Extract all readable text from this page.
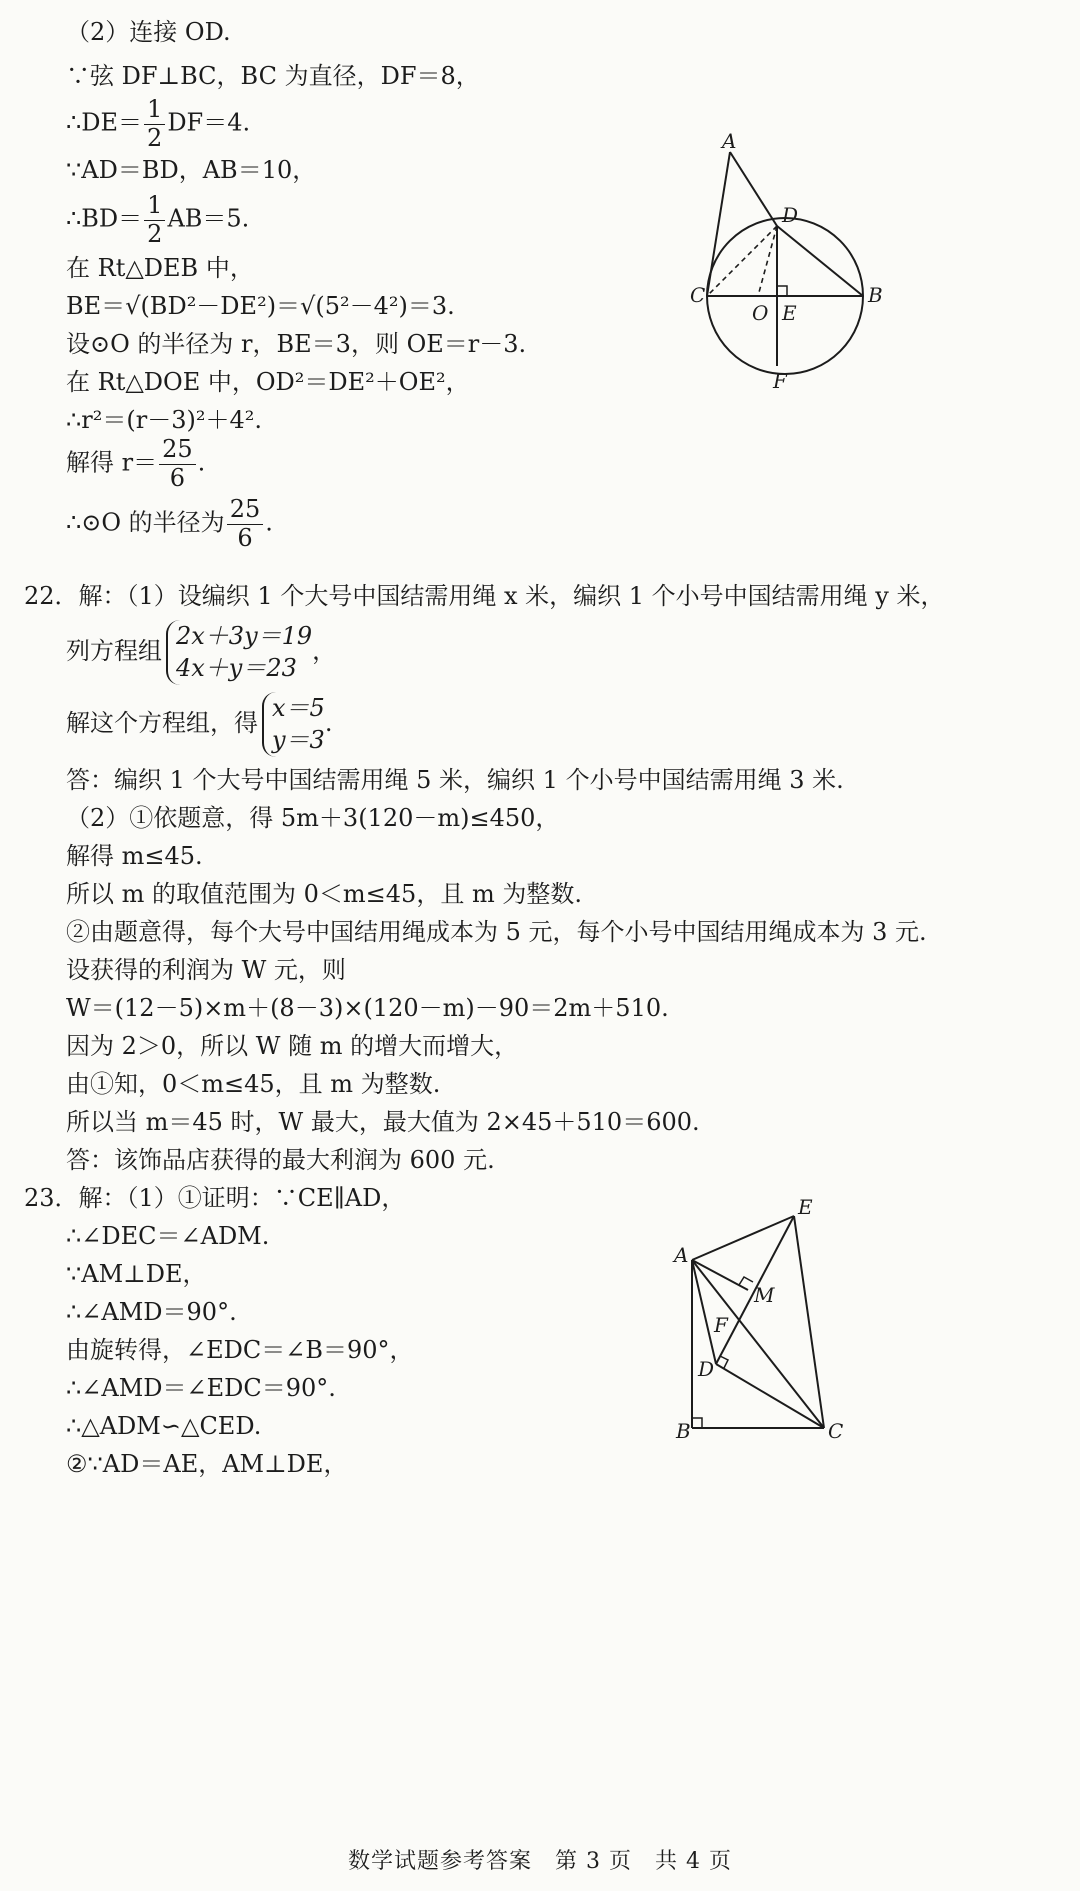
（2）连接 OD.
∵弦 DF⊥BC，BC 为直径，DF＝8，
∴DE＝ $\frac{1}{2} DF=4$.
∵AD＝BD，AB＝10，
∴BD＝ $\frac{1}{2} AB=5$.
在 Rt△DEB 中，
BE＝√(BD²－DE²)＝√(5²－4²)＝3.
设⊙O 的半径为 r，BE＝3，则 OE＝r－3.
在 Rt△DOE 中，OD²＝DE²＋OE²，
∴r²＝(r－3)²＋4².
解得 $r= \frac{25}{6}$ .
∴⊙O 的半径为 $\frac{25}{6}$ .
A
D
C	B
O E
F
22．解：（1）设编织 1 个大号中国结需用绳 x 米，编织 1 个小号中国结需用绳 y 米，
列方程组
2x＋3y＝19
4x＋y＝23
，
解这个方程组，得
x＝5
y＝3
.
答：编织 1 个大号中国结需用绳 5 米，编织 1 个小号中国结需用绳 3 米.
（2）①依题意，得 5m＋3(120－m)≤450，
解得 m≤45.
所以 m 的取值范围为 0＜m≤45，且 m 为整数.
②由题意得，每个大号中国结用绳成本为 5 元，每个小号中国结用绳成本为 3 元.
设获得的利润为 W 元，则
W＝(12－5)×m＋(8－3)×(120－m)－90＝2m＋510.
因为 2＞0，所以 W 随 m 的增大而增大，
由①知，0＜m≤45，且 m 为整数.
所以当 m＝45 时，W 最大，最大值为 2×45＋510＝600.
答：该饰品店获得的最大利润为 600 元.
23．解：（1）①证明：∵CE∥AD，
∴∠DEC＝∠ADM.
∵AM⊥DE，
∴∠AMD＝90°.
由旋转得，∠EDC＝∠B＝90°，
∴∠AMD＝∠EDC＝90°.
∴△ADM∽△CED.
②∵AD＝AE，AM⊥DE，
A
E
M
F
D
B	C
数学试题参考答案　第 3 页　共 4 页
